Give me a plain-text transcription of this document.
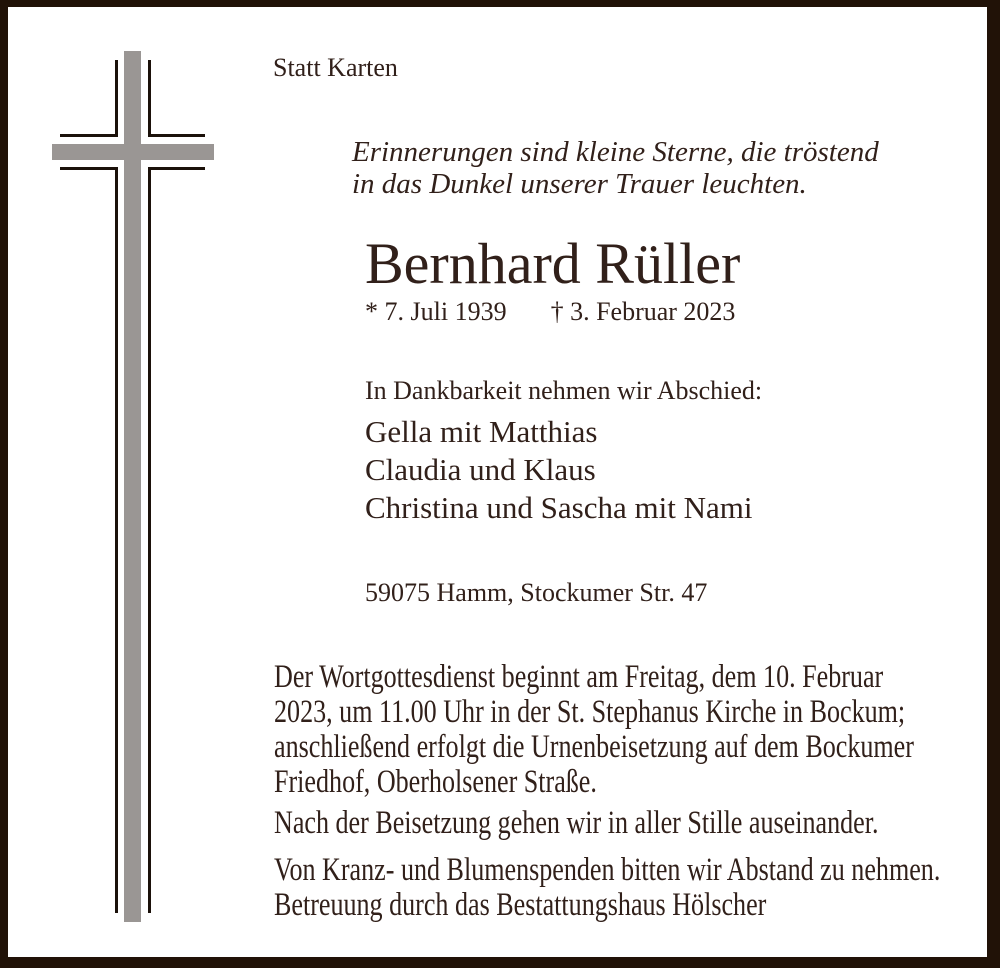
Statt Karten
Erinnerungen sind kleine Sterne, die tröstend
in das Dunkel unserer Trauer leuchten.
Bernhard Rüller
* 7. Juli 1939 † 3. Februar 2023
In Dankbarkeit nehmen wir Abschied:
Gella mit Matthias
Claudia und Klaus
Christina und Sascha mit Nami
59075 Hamm, Stockumer Str. 47
Der Wortgottesdienst beginnt am Freitag, dem 10. Februar
2023, um 11.00 Uhr in der St. Stephanus Kirche in Bockum;
anschließend erfolgt die Urnenbeisetzung auf dem Bockumer
Friedhof, Oberholsener Straße.
Nach der Beisetzung gehen wir in aller Stille auseinander.
Von Kranz- und Blumenspenden bitten wir Abstand zu nehmen.
Betreuung durch das Bestattungshaus Hölscher
